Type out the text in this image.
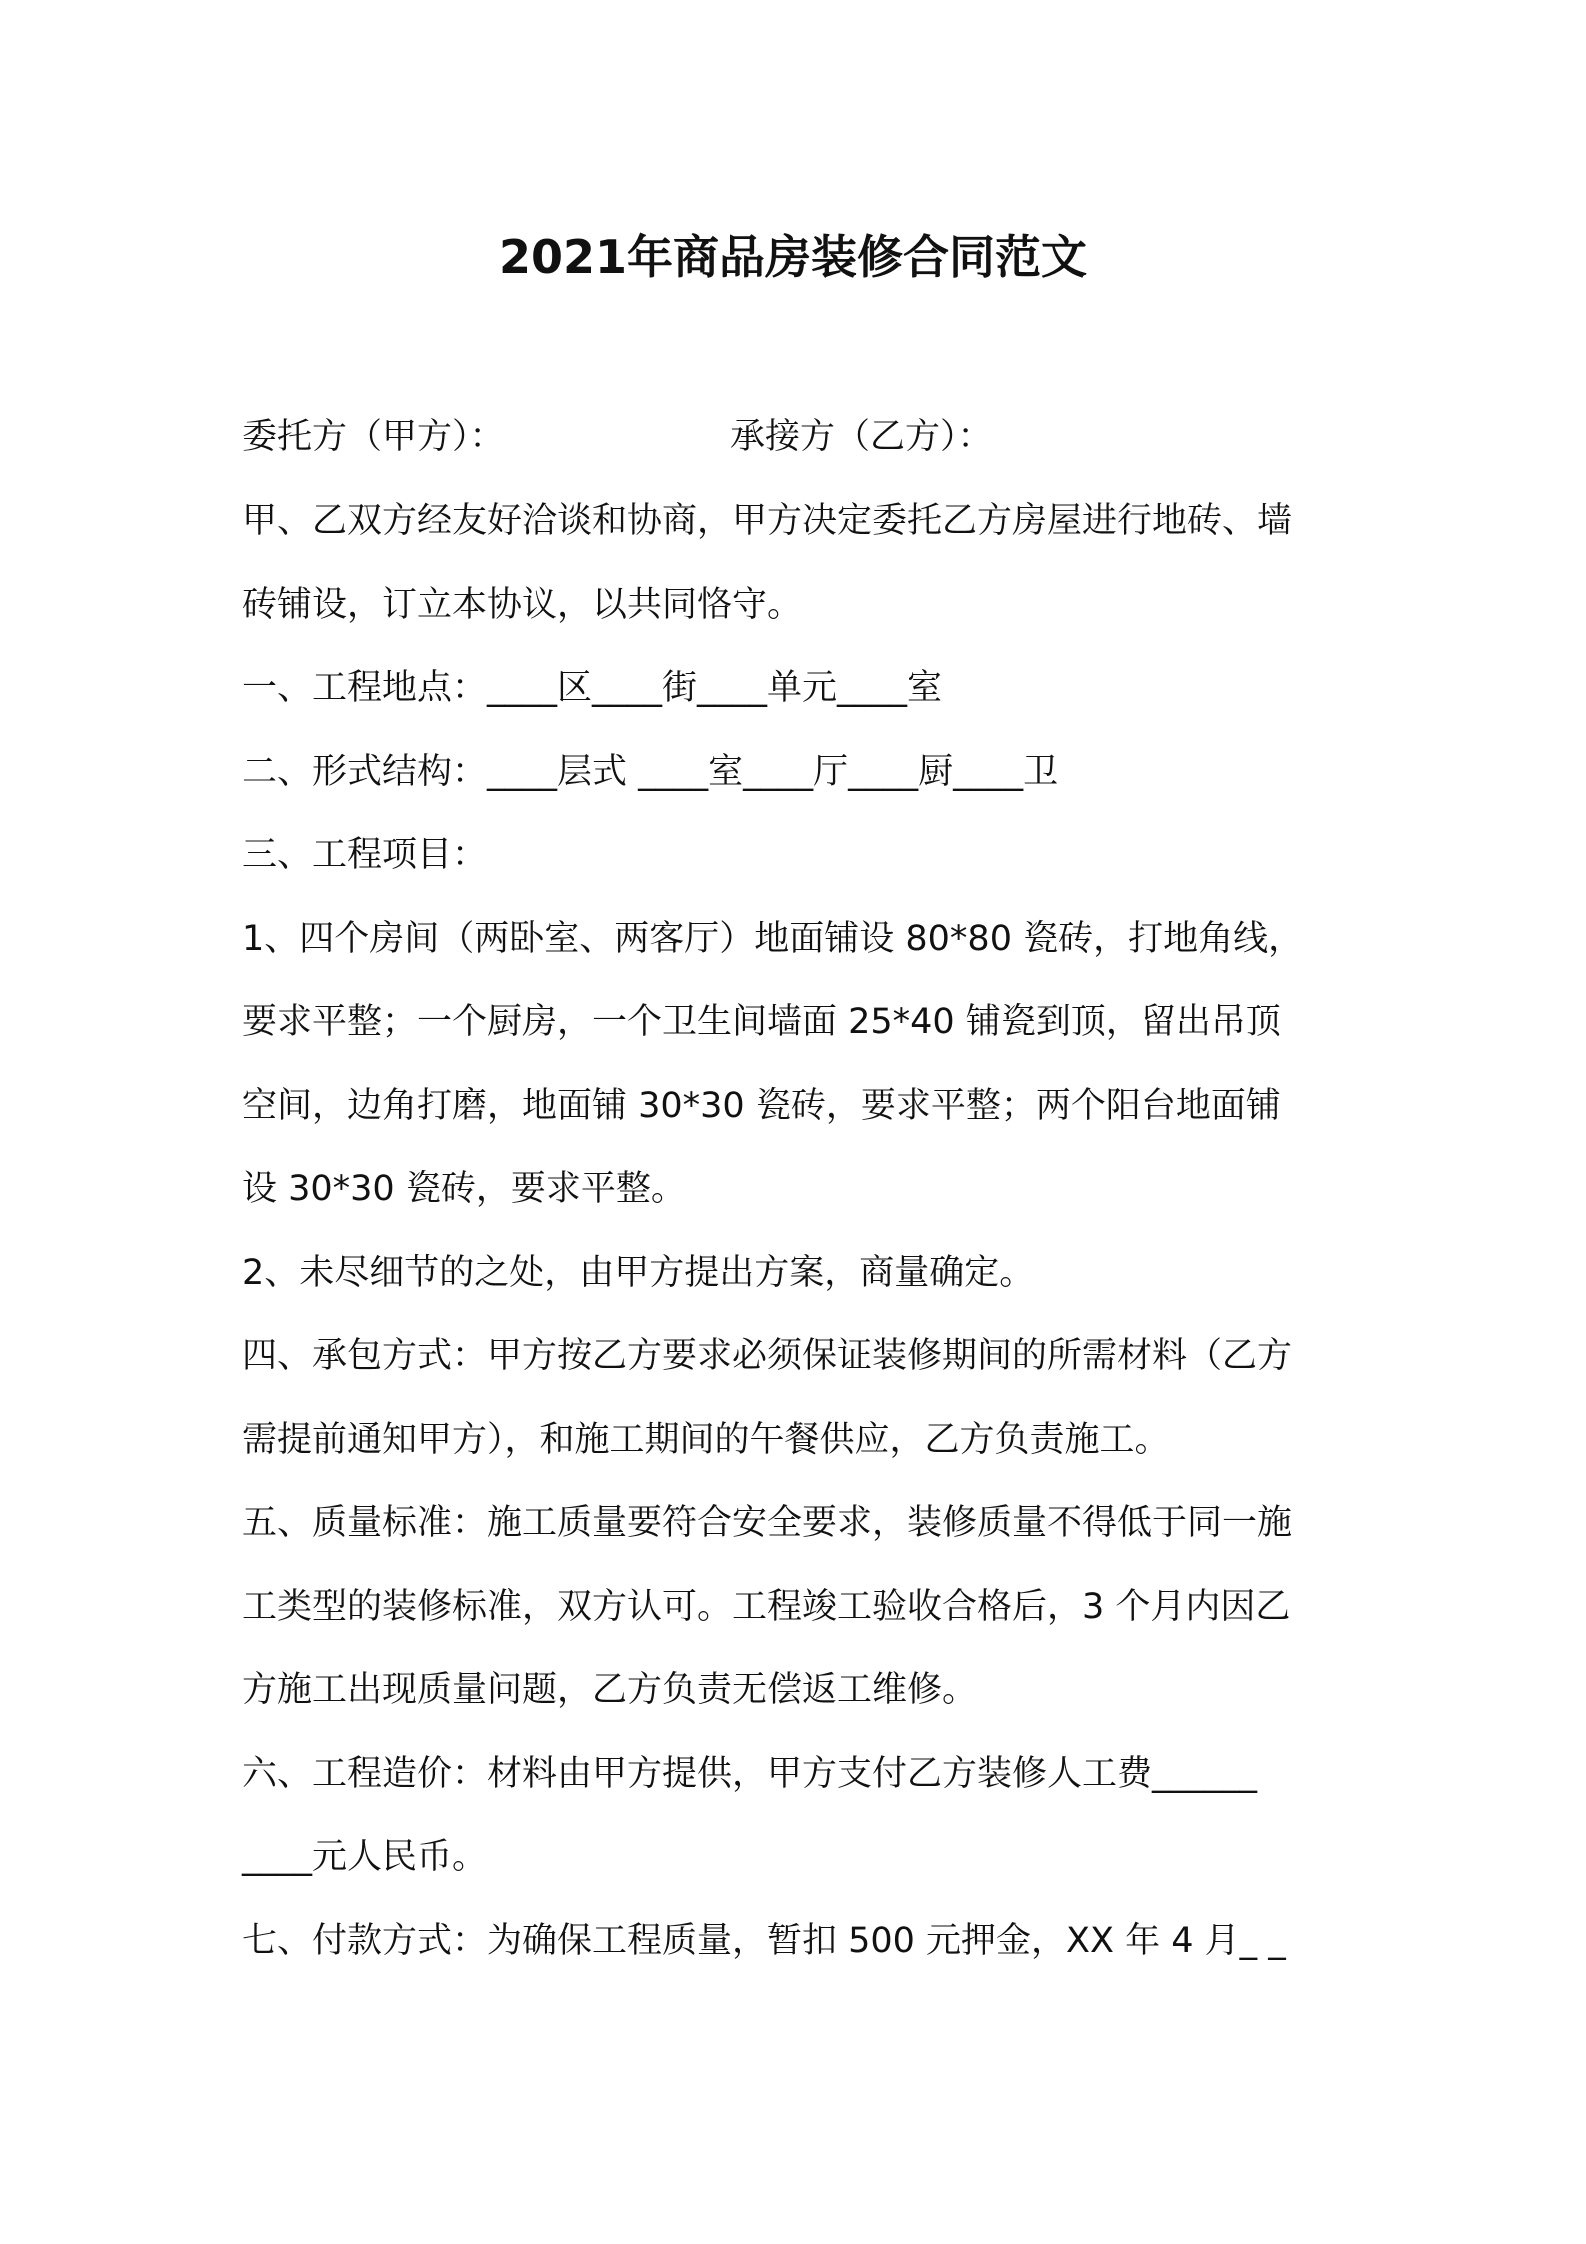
2021年商品房装修合同范文
委托方（甲方）：	承接方（乙方）：
甲、乙双方经友好洽谈和协商，甲方决定委托乙方房屋进行地砖、墙
砖铺设，订立本协议，以共同恪守。
一、工程地点：____区____街____单元____室
二、形式结构：____层式 ____室____厅____厨____卫
三、工程项目：
1、四个房间（两卧室、两客厅）地面铺设 80*80 瓷砖，打地角线，
要求平整；一个厨房，一个卫生间墙面 25*40 铺瓷到顶，留出吊顶
空间，边角打磨，地面铺 30*30 瓷砖，要求平整；两个阳台地面铺
设 30*30 瓷砖，要求平整。
2、未尽细节的之处，由甲方提出方案，商量确定。
四、承包方式：甲方按乙方要求必须保证装修期间的所需材料（乙方
需提前通知甲方），和施工期间的午餐供应，乙方负责施工。
五、质量标准：施工质量要符合安全要求，装修质量不得低于同一施
工类型的装修标准，双方认可。工程竣工验收合格后，3 个月内因乙
方施工出现质量问题，乙方负责无偿返工维修。
六、工程造价：材料由甲方提供，甲方支付乙方装修人工费______
____元人民币。
七、付款方式：为确保工程质量，暂扣 500 元押金，XX 年 4 月_ _
